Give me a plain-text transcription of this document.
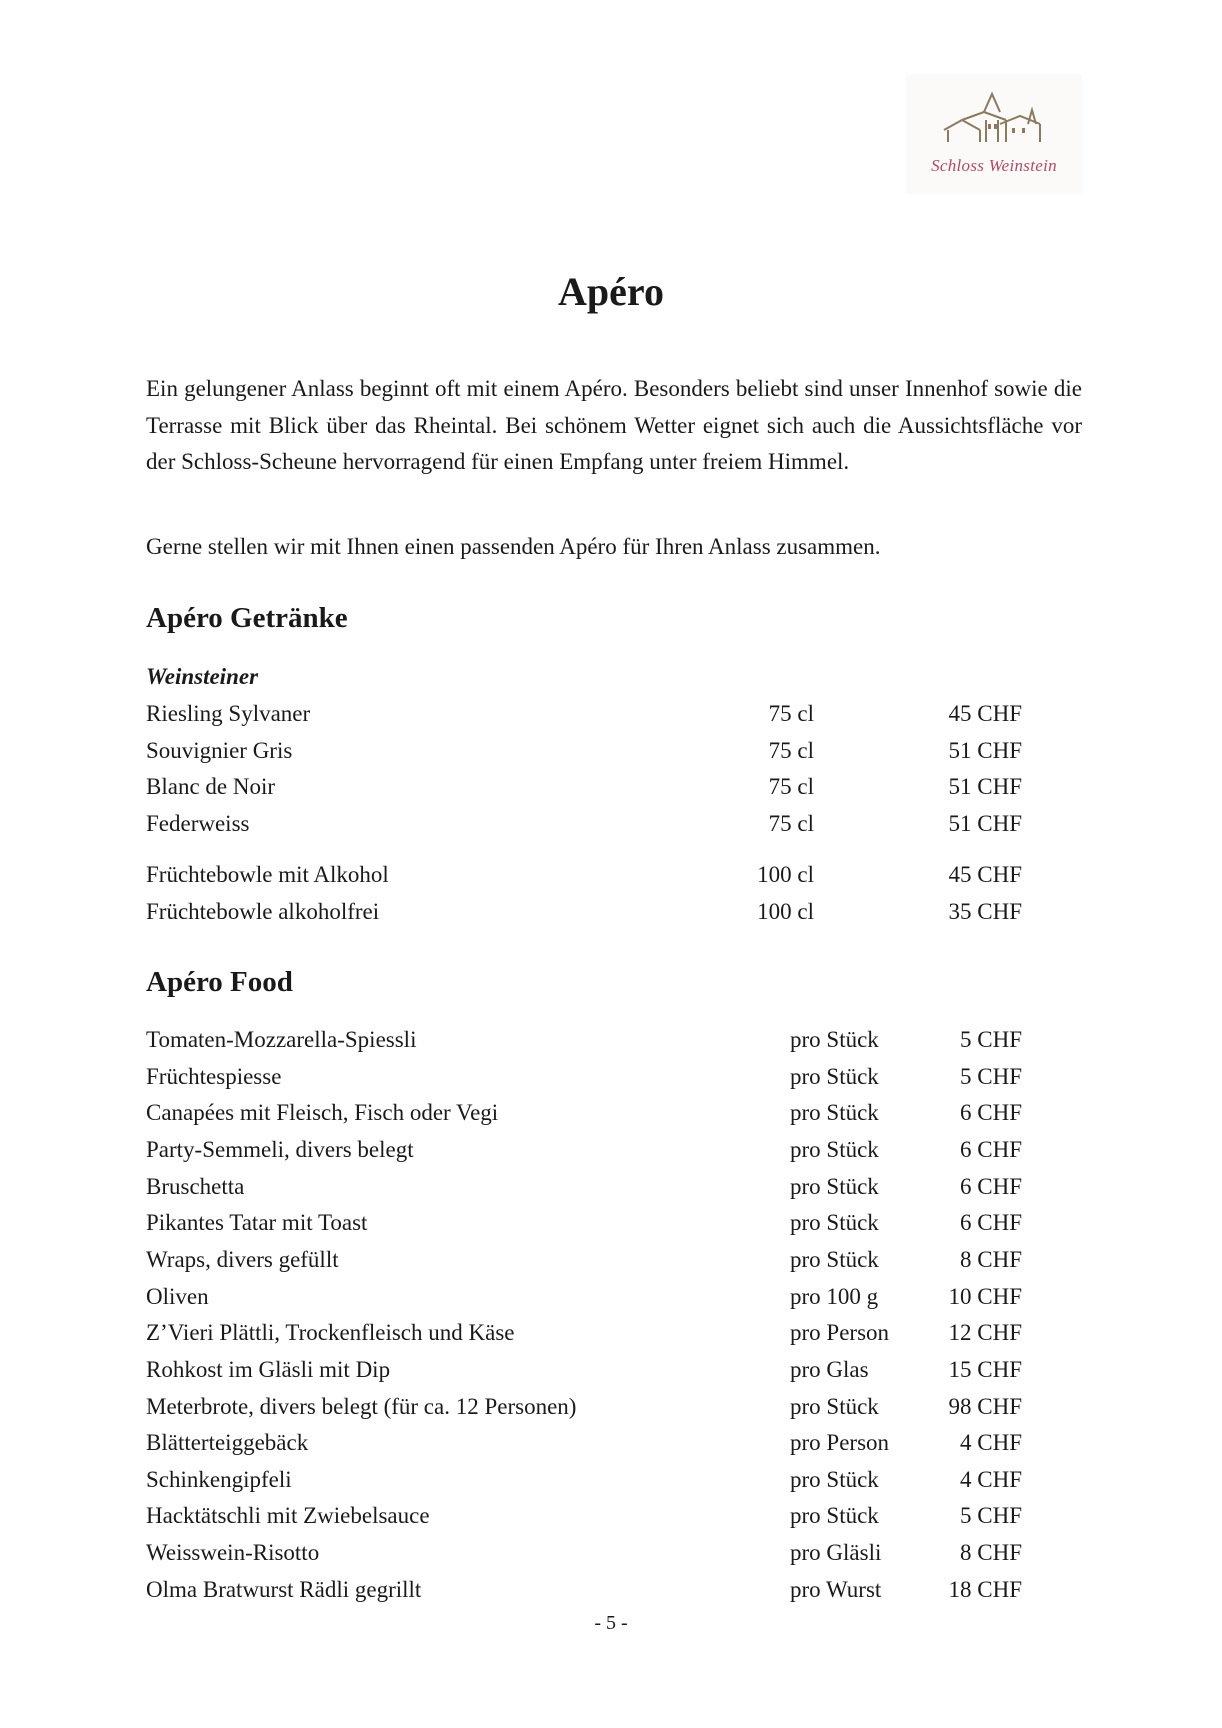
Schloss Weinstein
Apéro

Ein gelungener Anlass beginnt oft mit einem Apéro. Besonders beliebt sind unser Innenhof sowie die Terrasse mit Blick über das Rheintal. Bei schönem Wetter eignet sich auch die Aussichtsfläche vor der Schloss-Scheune hervorragend für einen Empfang unter freiem Himmel.

Gerne stellen wir mit Ihnen einen passenden Apéro für Ihren Anlass zusammen.

Apéro Getränke
Weinsteiner
Riesling Sylvaner	75 cl	45 CHF
Souvignier Gris	75 cl	51 CHF
Blanc de Noir	75 cl	51 CHF
Federweiss	75 cl	51 CHF
Früchtebowle mit Alkohol	100 cl	45 CHF
Früchtebowle alkoholfrei	100 cl	35 CHF
Apéro Food
Tomaten-Mozzarella-Spiessli	pro Stück	5 CHF
Früchtespiesse	pro Stück	5 CHF
Canapées mit Fleisch, Fisch oder Vegi	pro Stück	6 CHF
Party-Semmeli, divers belegt	pro Stück	6 CHF
Bruschetta	pro Stück	6 CHF
Pikantes Tatar mit Toast	pro Stück	6 CHF
Wraps, divers gefüllt	pro Stück	8 CHF
Oliven	pro 100 g	10 CHF
Z’Vieri Plättli, Trockenfleisch und Käse	pro Person	12 CHF
Rohkost im Gläsli mit Dip	pro Glas	15 CHF
Meterbrote, divers belegt (für ca. 12 Personen)	pro Stück	98 CHF
Blätterteiggebäck	pro Person	4 CHF
Schinkengipfeli	pro Stück	4 CHF
Hacktätschli mit Zwiebelsauce	pro Stück	5 CHF
Weisswein-Risotto	pro Gläsli	8 CHF
Olma Bratwurst Rädli gegrillt	pro Wurst	18 CHF
- 5 -
